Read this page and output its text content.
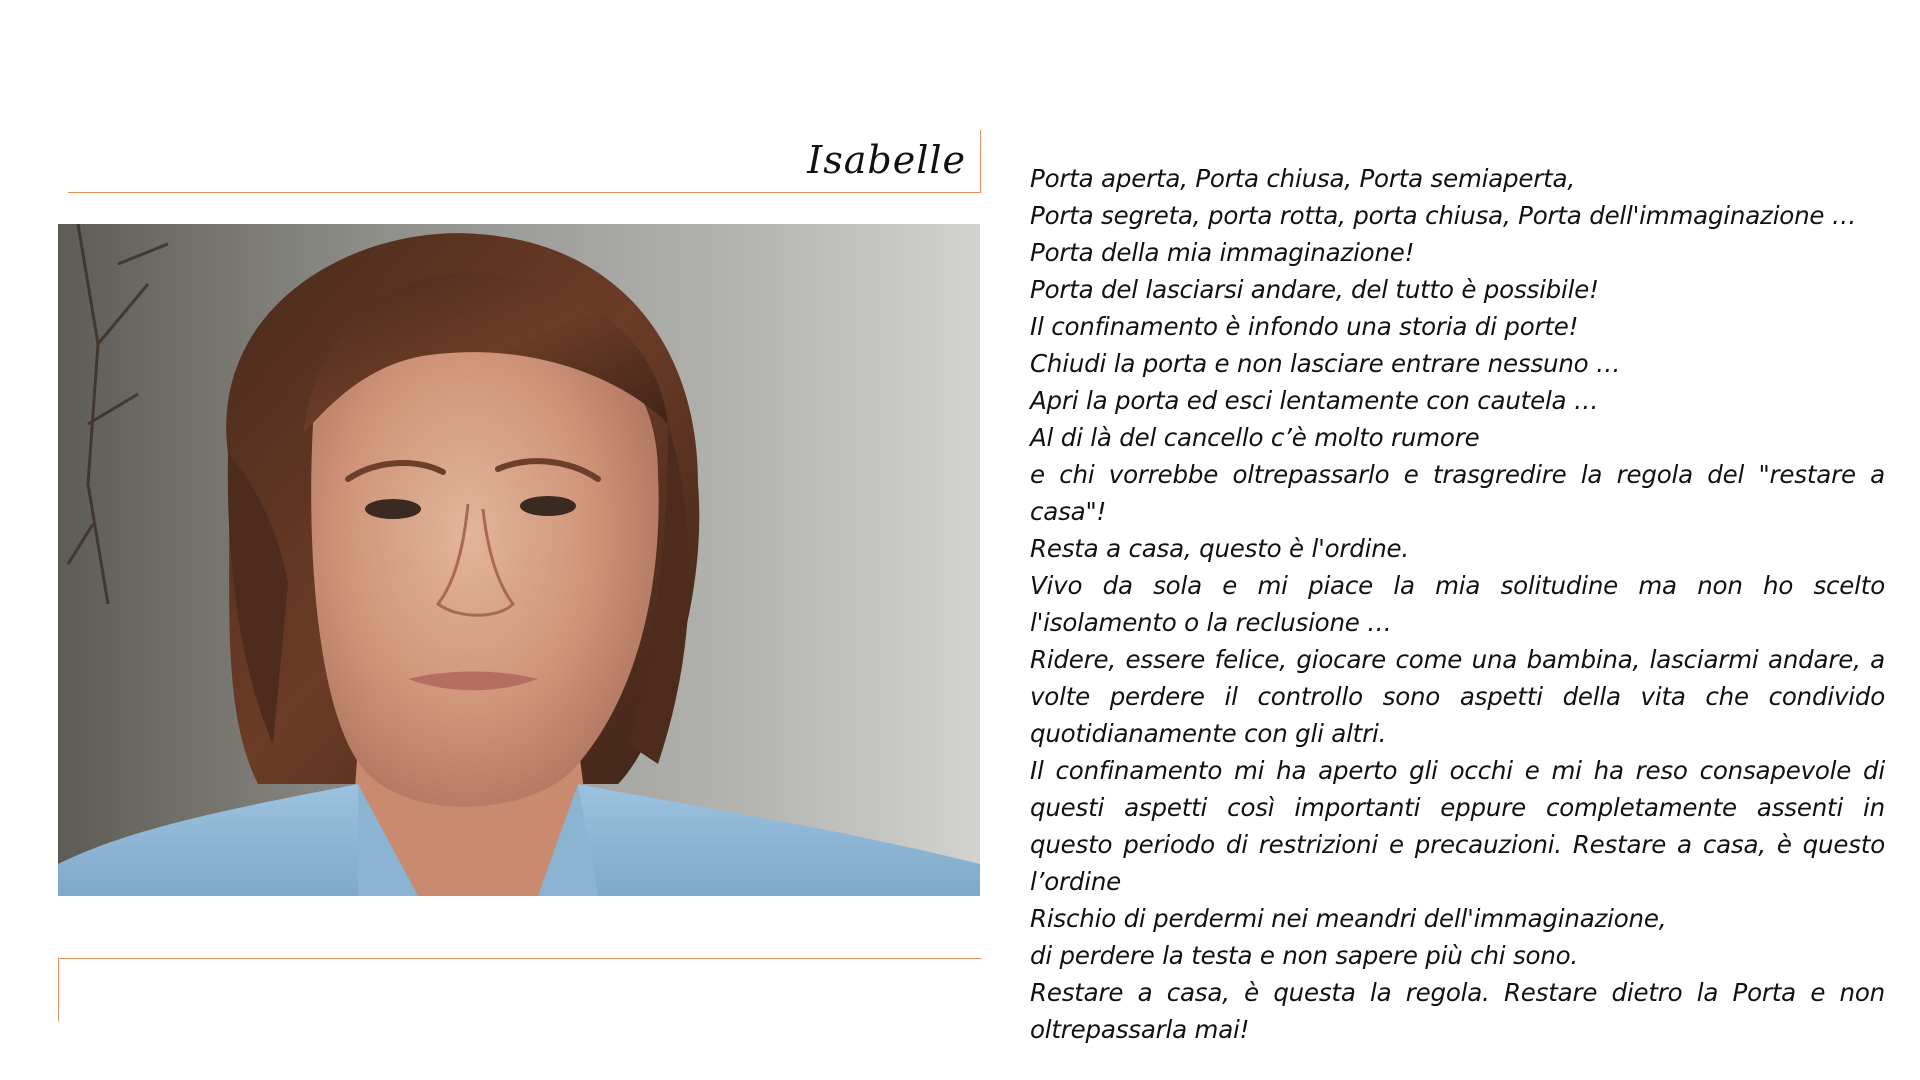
Isabelle	Porta aperta, Porta chiusa, Porta semiaperta,

Porta segreta, porta rotta, porta chiusa, Porta dell'immaginazione …

Porta della mia immaginazione!

Porta del lasciarsi andare, del tutto è possibile!

Il confinamento è infondo una storia di porte!

Chiudi la porta e non lasciare entrare nessuno …

Apri la porta ed esci lentamente con cautela …

Al di là del cancello c’è molto rumore

e chi vorrebbe oltrepassarlo e trasgredire la regola del "restare a casa"!

Resta a casa, questo è l'ordine.

Vivo da sola e mi piace la mia solitudine ma non ho scelto l'isolamento o la reclusione …

Ridere, essere felice, giocare come una bambina, lasciarmi andare, a volte perdere il controllo sono aspetti della vita che condivido quotidianamente con gli altri.

Il confinamento mi ha aperto gli occhi e mi ha reso consapevole di questi aspetti così importanti eppure completamente assenti in questo periodo di restrizioni e precauzioni. Restare a casa, è questo l’ordine

Rischio di perdermi nei meandri dell'immaginazione,

di perdere la testa e non sapere più chi sono.

Restare a casa, è questa la regola. Restare dietro la Porta e non oltrepassarla mai!
